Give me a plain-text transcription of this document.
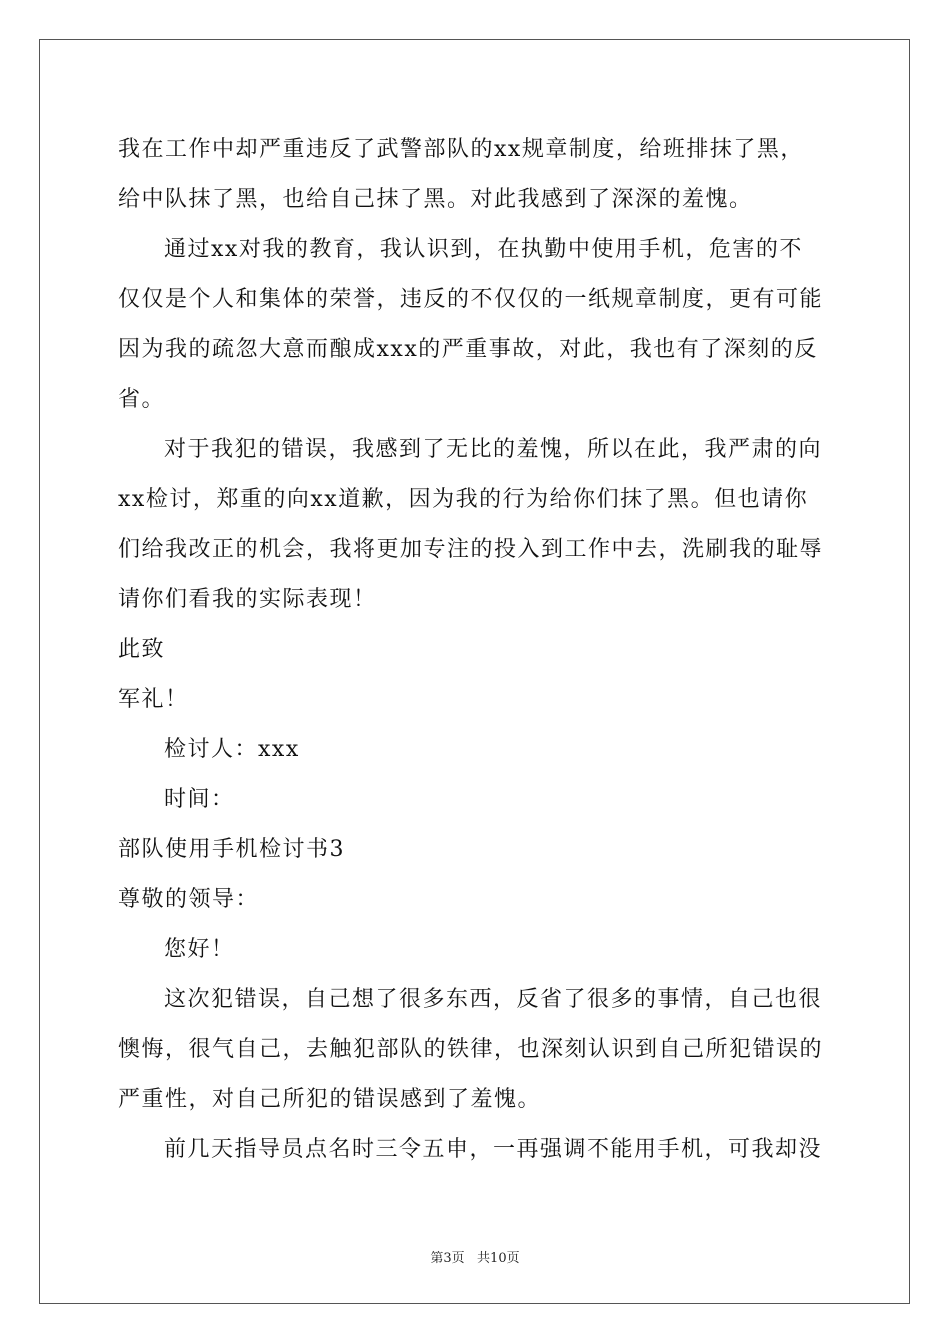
我在工作中却严重违反了武警部队的xx规章制度，给班排抹了黑，
给中队抹了黑，也给自己抹了黑。对此我感到了深深的羞愧。
通过xx对我的教育，我认识到，在执勤中使用手机，危害的不
仅仅是个人和集体的荣誉，违反的不仅仅的一纸规章制度，更有可能
因为我的疏忽大意而酿成xxx的严重事故，对此，我也有了深刻的反
省。
对于我犯的错误，我感到了无比的羞愧，所以在此，我严肃的向
xx检讨，郑重的向xx道歉，因为我的行为给你们抹了黑。但也请你
们给我改正的机会，我将更加专注的投入到工作中去，洗刷我的耻辱
请你们看我的实际表现！
此致
军礼！
检讨人：xxx
时间：
部队使用手机检讨书3
尊敬的领导：
您好！
这次犯错误，自己想了很多东西，反省了很多的事情，自己也很
懊悔，很气自己，去触犯部队的铁律，也深刻认识到自己所犯错误的
严重性，对自己所犯的错误感到了羞愧。
前几天指导员点名时三令五申，一再强调不能用手机，可我却没
第3页   共10页
